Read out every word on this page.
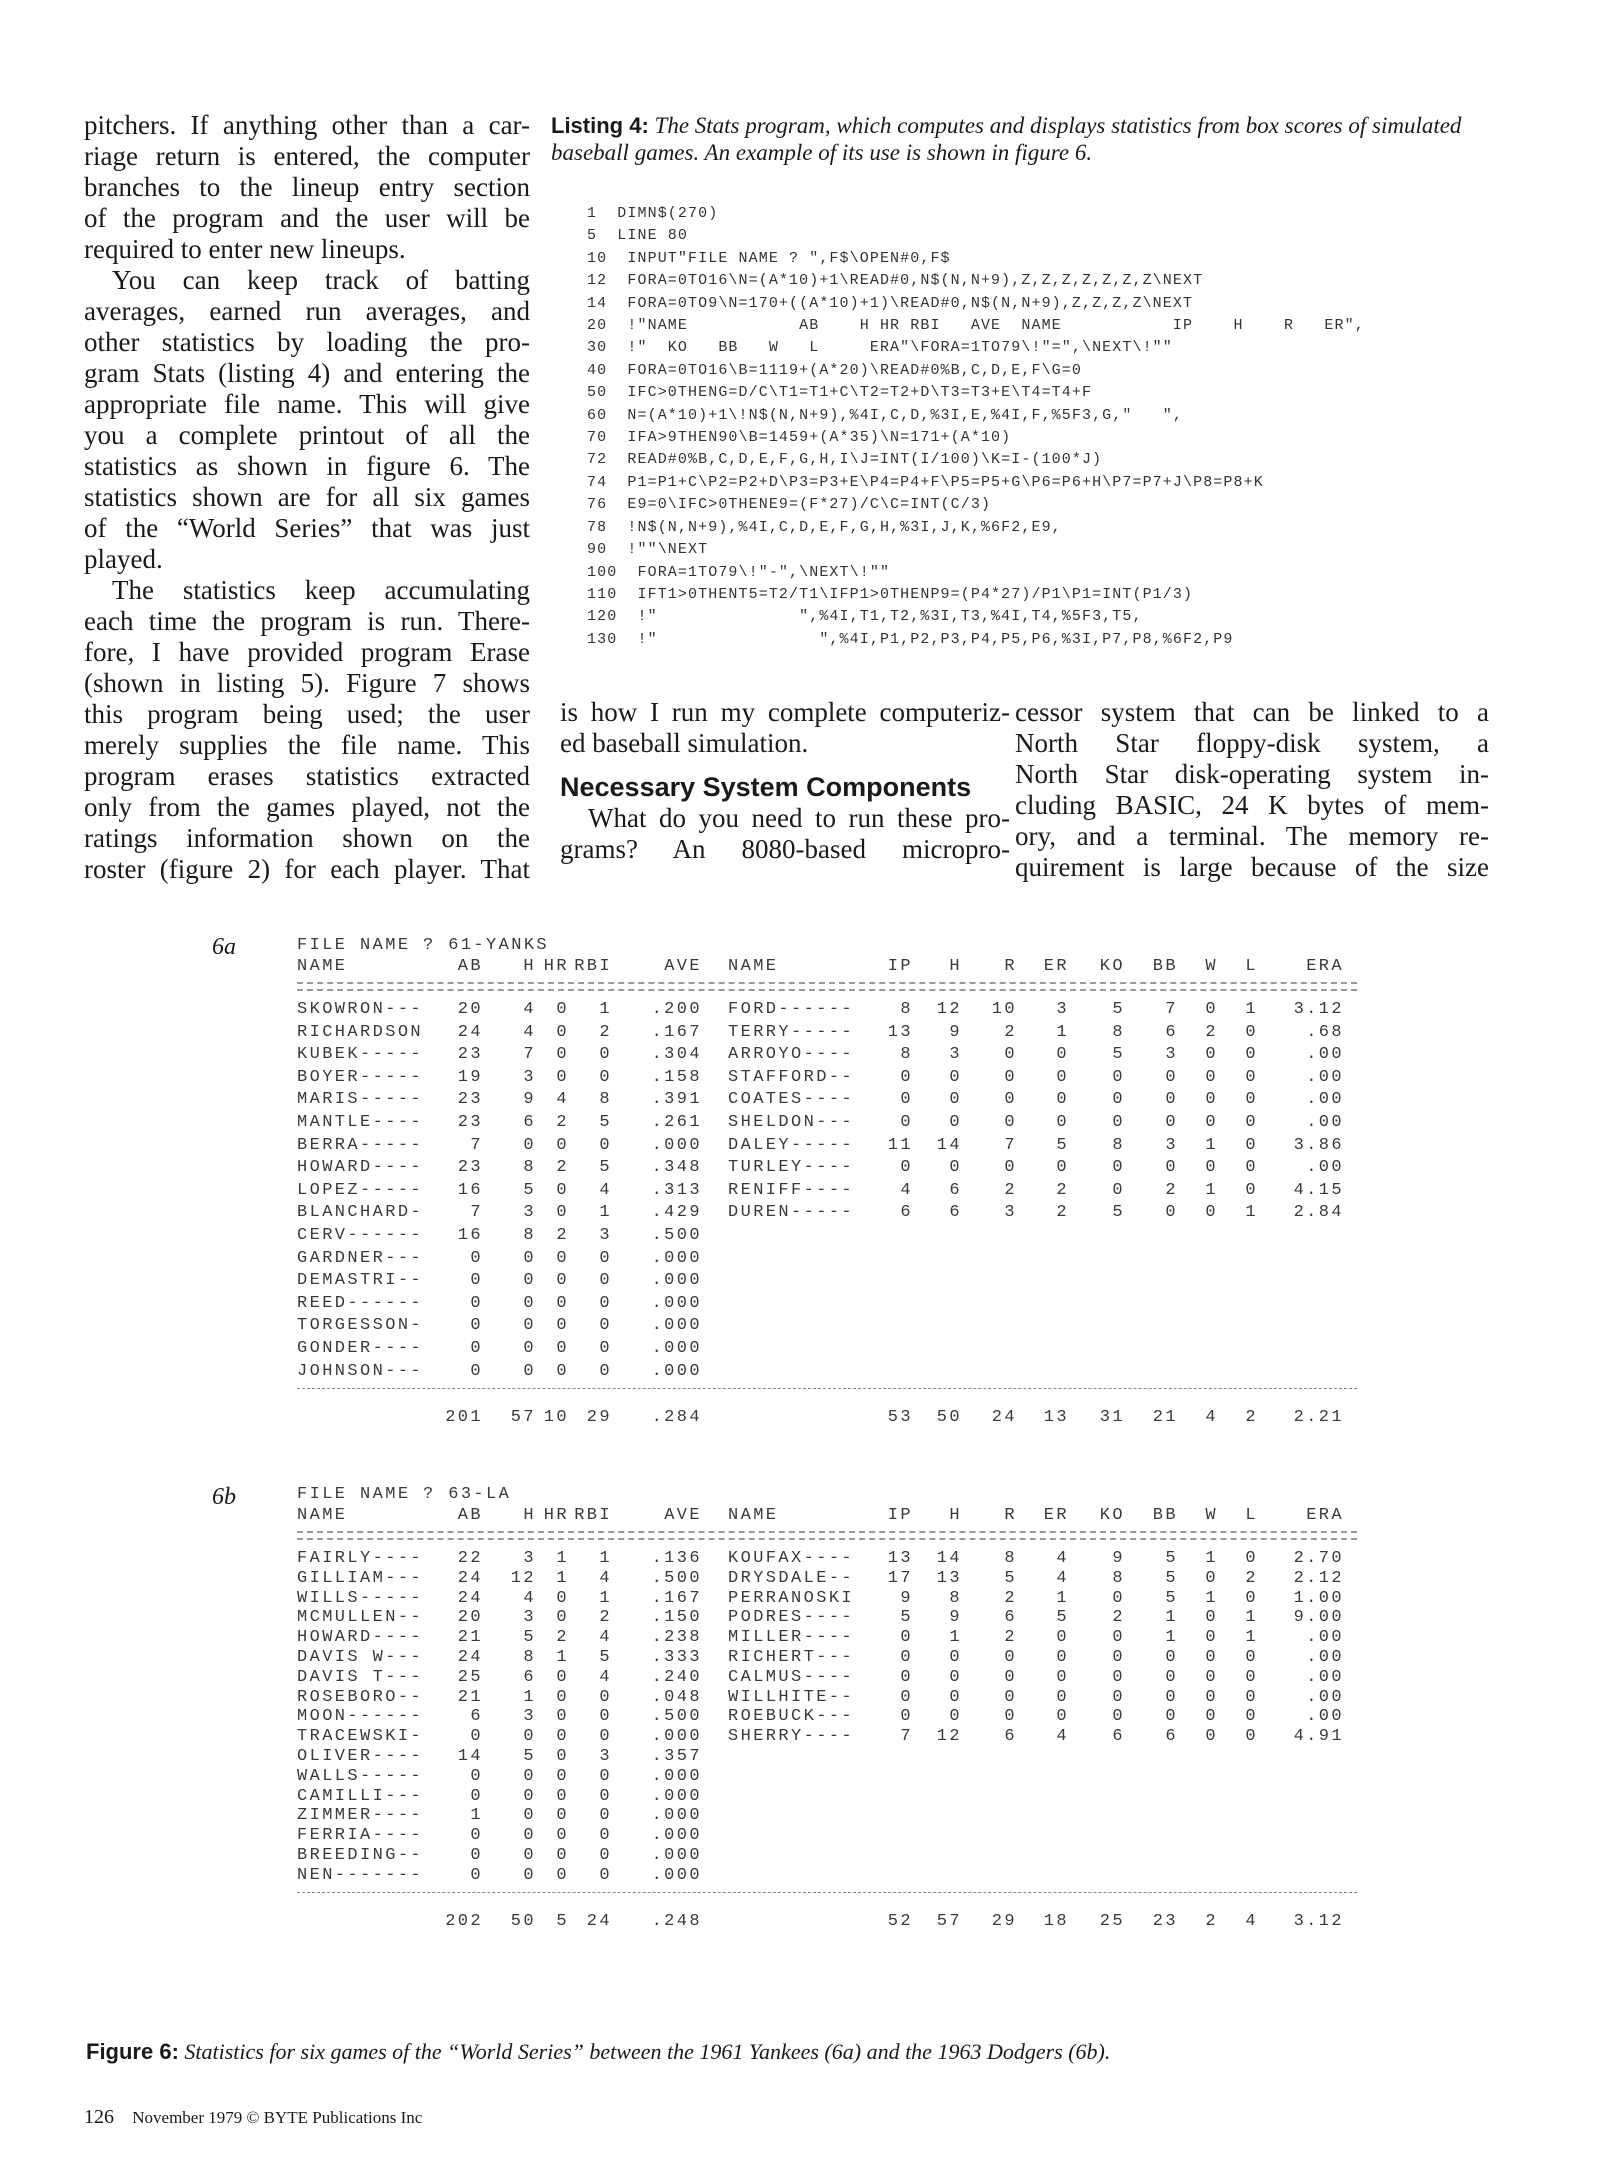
pitchers. If anything other than a car-
riage return is entered, the computer
branches to the lineup entry section
of the program and the user will be
required to enter new lineups.
You can keep track of batting
averages, earned run averages, and
other statistics by loading the pro-
gram Stats (listing 4) and entering the
appropriate file name. This will give
you a complete printout of all the
statistics as shown in figure 6. The
statistics shown are for all six games
of the “World Series” that was just
played.
The statistics keep accumulating
each time the program is run. There-
fore, I have provided program Erase
(shown in listing 5). Figure 7 shows
this program being used; the user
merely supplies the file name. This
program erases statistics extracted
only from the games played, not the
ratings information shown on the
roster (figure 2) for each player. That
is how I run my complete computeriz-
ed baseball simulation.
Necessary System Components
What do you need to run these pro-
grams? An 8080-based micropro-
cessor system that can be linked to a
North Star floppy-disk system, a
North Star disk-operating system in-
cluding BASIC, 24 K bytes of mem-
ory, and a terminal. The memory re-
quirement is large because of the size
Listing 4: The Stats program, which computes and displays statistics from box scores of simulated baseball games. An example of its use is shown in figure 6.
1  DIMN$(270)
5  LINE 80
10  INPUT"FILE NAME ? ",F$\OPEN#0,F$
12  FORA=0TO16\N=(A*10)+1\READ#0,N$(N,N+9),Z,Z,Z,Z,Z,Z,Z\NEXT
14  FORA=0TO9\N=170+((A*10)+1)\READ#0,N$(N,N+9),Z,Z,Z,Z\NEXT
20  !"NAME           AB    H HR RBI   AVE  NAME           IP    H    R   ER",
30  !"  KO   BB   W   L     ERA"\FORA=1TO79\!"=",\NEXT\!""
40  FORA=0TO16\B=1119+(A*20)\READ#0%B,C,D,E,F\G=0
50  IFC>0THENG=D/C\T1=T1+C\T2=T2+D\T3=T3+E\T4=T4+F
60  N=(A*10)+1\!N$(N,N+9),%4I,C,D,%3I,E,%4I,F,%5F3,G,"   ",
70  IFA>9THEN90\B=1459+(A*35)\N=171+(A*10)
72  READ#0%B,C,D,E,F,G,H,I\J=INT(I/100)\K=I-(100*J)
74  P1=P1+C\P2=P2+D\P3=P3+E\P4=P4+F\P5=P5+G\P6=P6+H\P7=P7+J\P8=P8+K
76  E9=0\IFC>0THENE9=(F*27)/C\C=INT(C/3)
78  !N$(N,N+9),%4I,C,D,E,F,G,H,%3I,J,K,%6F2,E9,
90  !""\NEXT
100  FORA=1TO79\!"-",\NEXT\!""
110  IFT1>0THENT5=T2/T1\IFP1>0THENP9=(P4*27)/P1\P1=INT(P1/3)
120  !"              ",%4I,T1,T2,%3I,T3,%4I,T4,%5F3,T5,
130  !"                ",%4I,P1,P2,P3,P4,P5,P6,%3I,P7,P8,%6F2,P9
6a	FILE NAME ? 61-YANKS
NAME	AB	H HR RBI	AVE NAME	IP	H	R	ER	KO	BB	W	L	ERA
SKOWRON---	20	4	0	1	.200 FORD------	8	12	10	3	5	7	0	1	3.12
RICHARDSON	24	4	0	2	.167 TERRY-----	13	9	2	1	8	6	2	0	.68
KUBEK-----	23	7	0	0	.304 ARROYO----	8	3	0	0	5	3	0	0	.00
BOYER-----	19	3	0	0	.158 STAFFORD--	0	0	0	0	0	0	0	0	.00
MARIS-----	23	9	4	8	.391 COATES----	0	0	0	0	0	0	0	0	.00
MANTLE----	23	6	2	5	.261 SHELDON---	0	0	0	0	0	0	0	0	.00
BERRA-----	7	0	0	0	.000 DALEY-----	11	14	7	5	8	3	1	0	3.86
HOWARD----	23	8	2	5	.348 TURLEY----	0	0	0	0	0	0	0	0	.00
LOPEZ-----	16	5	0	4	.313 RENIFF----	4	6	2	2	0	2	1	0	4.15
BLANCHARD-	7	3	0	1	.429 DUREN-----	6	6	3	2	5	0	0	1	2.84
CERV------	16	8	2	3	.500
GARDNER---	0	0	0	0	.000
DEMASTRI--	0	0	0	0	.000
REED------	0	0	0	0	.000
TORGESSON-	0	0	0	0	.000
GONDER----	0	0	0	0	.000
JOHNSON---	0	0	0	0	.000
201	57 10	29	.284	53	50	24	13	31	21	4	2	2.21
6b	FILE NAME ? 63-LA
NAME	AB	H HR RBI	AVE NAME	IP	H	R	ER	KO	BB	W	L	ERA
FAIRLY----	22	3	1	1	.136 KOUFAX----	13	14	8	4	9	5	1	0	2.70
GILLIAM---	24	12	1	4	.500 DRYSDALE--	17	13	5	4	8	5	0	2	2.12
WILLS-----	24	4	0	1	.167 PERRANOSKI	9	8	2	1	0	5	1	0	1.00
MCMULLEN--	20	3	0	2	.150 PODRES----	5	9	6	5	2	1	0	1	9.00
HOWARD----	21	5	2	4	.238 MILLER----	0	1	2	0	0	1	0	1	.00
DAVIS W---	24	8	1	5	.333 RICHERT---	0	0	0	0	0	0	0	0	.00
DAVIS T---	25	6	0	4	.240 CALMUS----	0	0	0	0	0	0	0	0	.00
ROSEBORO--	21	1	0	0	.048 WILLHITE--	0	0	0	0	0	0	0	0	.00
MOON------	6	3	0	0	.500 ROEBUCK---	0	0	0	0	0	0	0	0	.00
TRACEWSKI-	0	0	0	0	.000 SHERRY----	7	12	6	4	6	6	0	0	4.91
OLIVER----	14	5	0	3	.357
WALLS-----	0	0	0	0	.000
CAMILLI---	0	0	0	0	.000
ZIMMER----	1	0	0	0	.000
FERRIA----	0	0	0	0	.000
BREEDING--	0	0	0	0	.000
NEN-------	0	0	0	0	.000
202	50	5	24	.248	52	57	29	18	25	23	2	4	3.12
Figure 6: Statistics for six games of the “World Series” between the 1961 Yankees (6a) and the 1963 Dodgers (6b).
126 November 1979 © BYTE Publications Inc
